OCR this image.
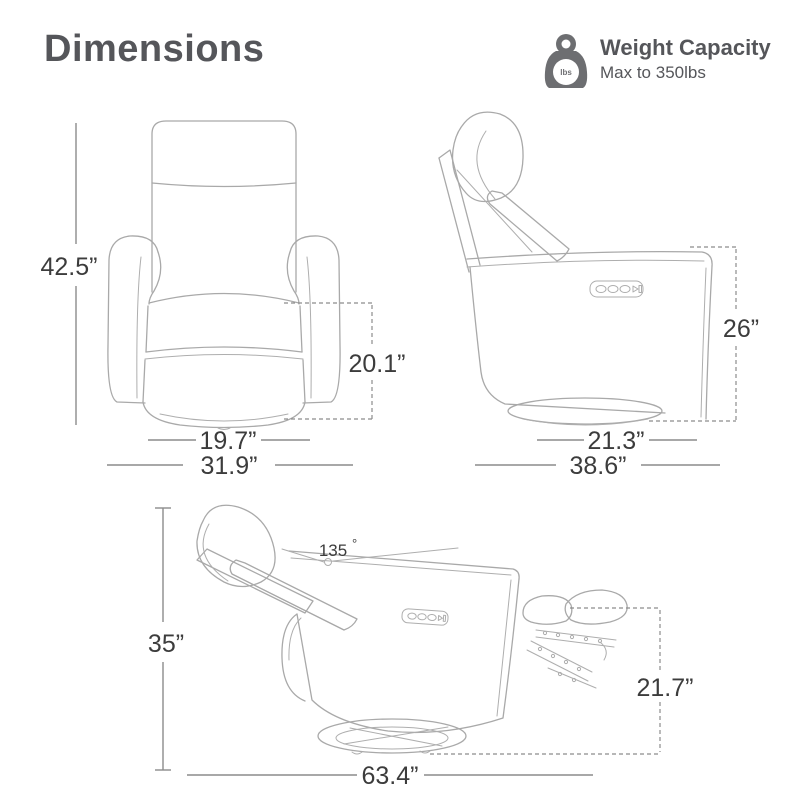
Dimensions
lbs
Weight Capacity
Max to 350lbs
42.5”
20.1”
19.7”
31.9”
26”
21.3”
38.6”
135 °
35”
21.7”
63.4”
